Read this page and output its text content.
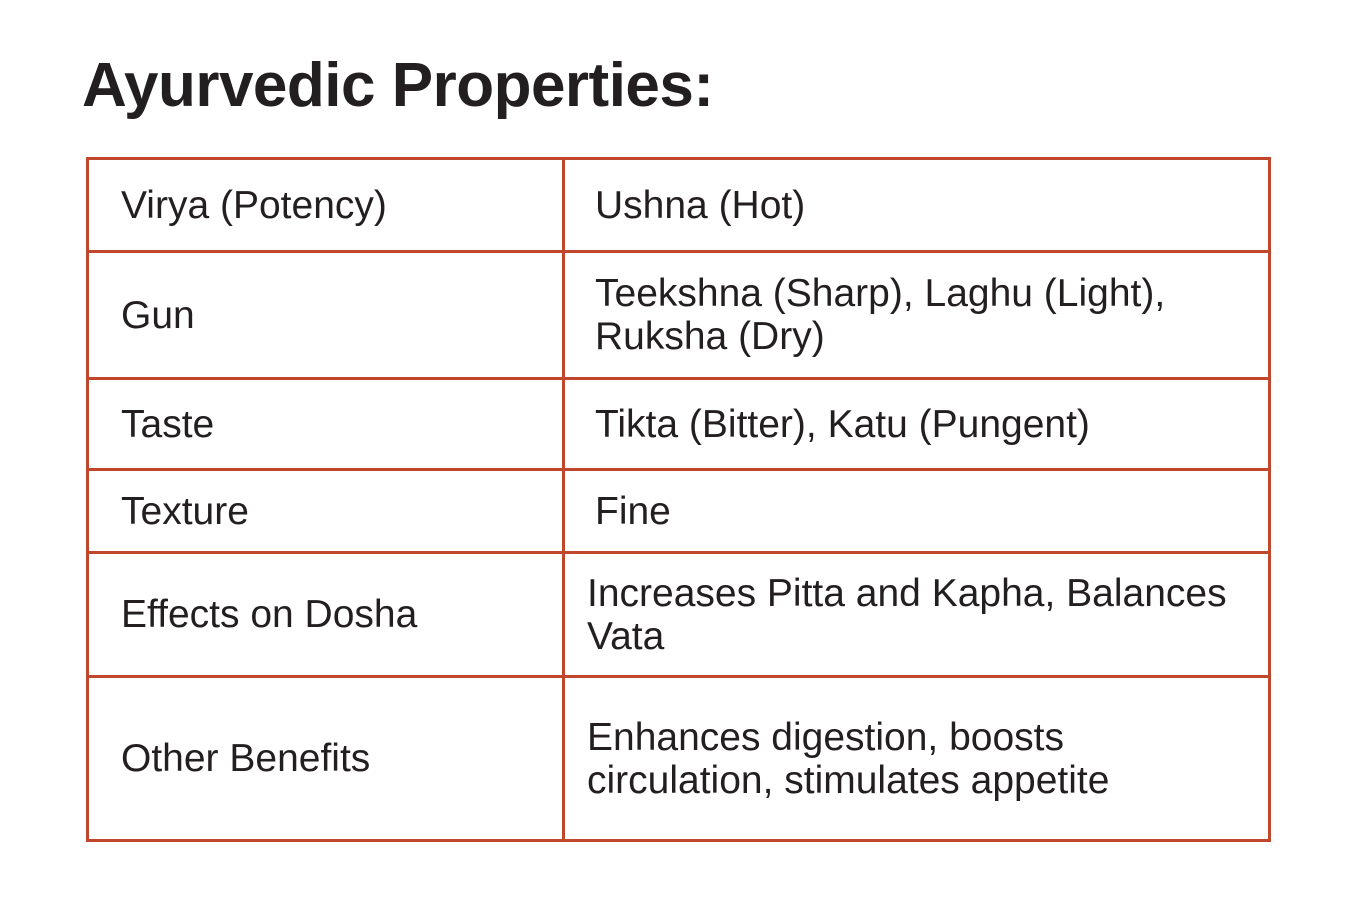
Ayurvedic Properties:
Virya (Potency)	Ushna (Hot)
Gun	Teekshna (Sharp), Laghu (Light), Ruksha (Dry)
Taste	Tikta (Bitter), Katu (Pungent)
Texture	Fine
Effects on Dosha	Increases Pitta and Kapha, Balances Vata
Other Benefits	Enhances digestion, boosts circulation, stimulates appetite
